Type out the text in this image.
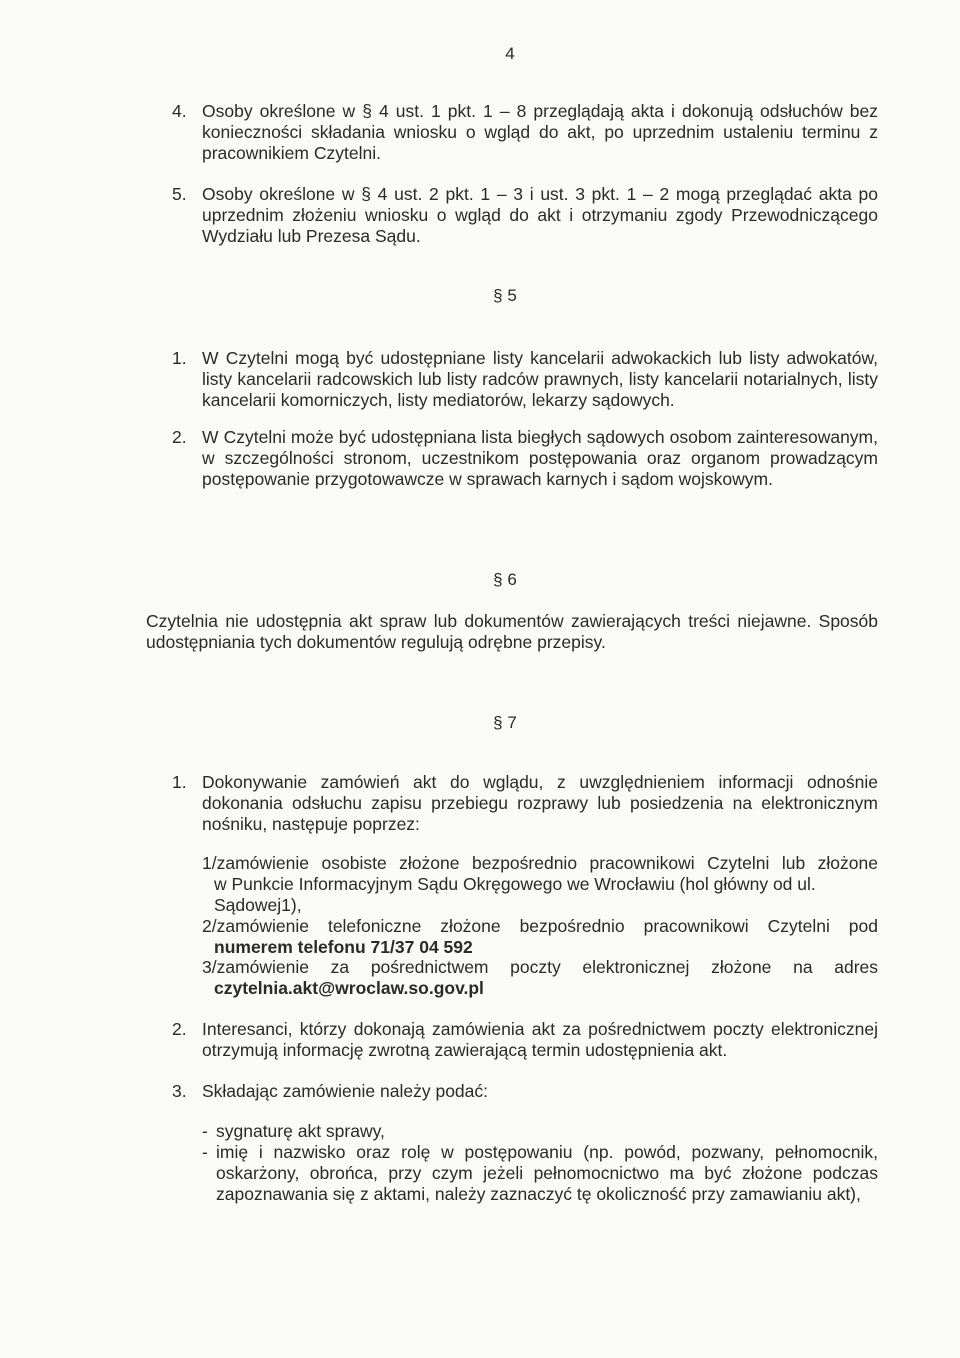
4
4. Osoby określone w § 4 ust. 1 pkt. 1 – 8 przeglądają akta i dokonują odsłuchów bez konieczności składania wniosku o wgląd do akt, po uprzednim ustaleniu terminu z pracownikiem Czytelni.
5. Osoby określone w § 4 ust. 2 pkt. 1 – 3 i ust. 3 pkt. 1 – 2 mogą przeglądać akta po uprzednim złożeniu wniosku o wgląd do akt i otrzymaniu zgody Przewodniczącego Wydziału lub Prezesa Sądu.
§ 5
1. W Czytelni mogą być udostępniane listy kancelarii adwokackich lub listy adwokatów, listy kancelarii radcowskich lub listy radców prawnych, listy kancelarii notarialnych, listy kancelarii komorniczych, listy mediatorów, lekarzy sądowych.
2. W Czytelni może być udostępniana lista biegłych sądowych osobom zainteresowanym, w szczególności stronom, uczestnikom postępowania oraz organom prowadzącym postępowanie przygotowawcze w sprawach karnych i sądom wojskowym.
§ 6
Czytelnia nie udostępnia akt spraw lub dokumentów zawierających treści niejawne. Sposób udostępniania tych dokumentów regulują odrębne przepisy.
§ 7
1. Dokonywanie zamówień akt do wglądu, z uwzględnieniem informacji odnośnie dokonania odsłuchu zapisu przebiegu rozprawy lub posiedzenia na elektronicznym nośniku, następuje poprzez:
1/zamówienie osobiste złożone bezpośrednio pracownikowi Czytelni lub złożone
w Punkcie Informacyjnym Sądu Okręgowego we Wrocławiu (hol główny od ul.
Sądowej1),
2/zamówienie telefoniczne złożone bezpośrednio pracownikowi Czytelni pod
numerem telefonu 71/37 04 592
3/zamówienie za pośrednictwem poczty elektronicznej złożone na adres
czytelnia.akt@wroclaw.so.gov.pl
2. Interesanci, którzy dokonają zamówienia akt za pośrednictwem poczty elektronicznej otrzymują informację zwrotną zawierającą termin udostępnienia akt.
3. Składając zamówienie należy podać:
- sygnaturę akt sprawy,
- imię i nazwisko oraz rolę w postępowaniu (np. powód, pozwany, pełnomocnik, oskarżony, obrońca, przy czym jeżeli pełnomocnictwo ma być złożone podczas zapoznawania się z aktami, należy zaznaczyć tę okoliczność przy zamawianiu akt),
